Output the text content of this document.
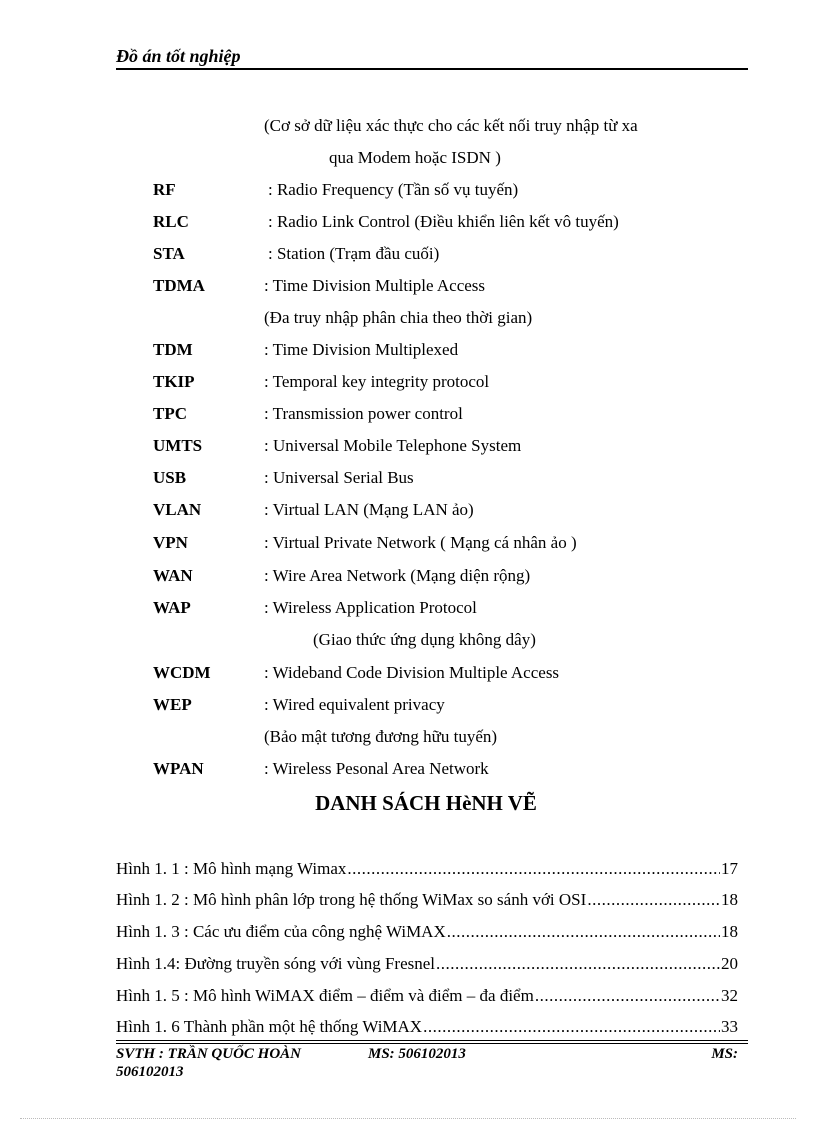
Đồ án tốt nghiệp
(Cơ sở dữ liệu xác thực cho các kết nối truy nhập từ xa
qua Modem hoặc ISDN )
RF	: Radio Frequency (Tần số vụ tuyến)
RLC	: Radio Link Control (Điều khiển liên kết vô tuyến)
STA	: Station (Trạm đầu cuối)
TDMA	: Time Division Multiple Access
(Đa truy nhập phân chia theo thời gian)
TDM	: Time Division Multiplexed
TKIP	: Temporal key integrity protocol
TPC	: Transmission power control
UMTS	: Universal Mobile Telephone System
USB	: Universal Serial Bus
VLAN	: Virtual LAN (Mạng LAN ảo)
VPN	: Virtual Private Network ( Mạng cá nhân ảo )
WAN	: Wire Area Network (Mạng diện rộng)
WAP	: Wireless Application Protocol
(Giao thức ứng dụng không dây)
WCDM	: Wideband Code Division Multiple Access
WEP	: Wired equivalent privacy
(Bảo mật tương đương hữu tuyến)
WPAN	: Wireless Pesonal Area Network
DANH SÁCH HèNH VẼ
Hình 1. 1 : Mô hình mạng Wimax .....	17
Hình 1. 2 : Mô hình phân lớp trong hệ thống WiMax so sánh với OSI .....	18
Hình 1. 3 : Các ưu điểm của công nghệ WiMAX .....	18
Hình 1.4: Đường truyền sóng với vùng Fresnel .....	20
Hình 1. 5 : Mô hình WiMAX điểm – điểm và điểm – đa điểm .....	32
Hình 1. 6 Thành phần một hệ thống WiMAX .....	33
SVTH : TRẦN QUỐC HOÀN	MS: 506102013	MS:
506102013
